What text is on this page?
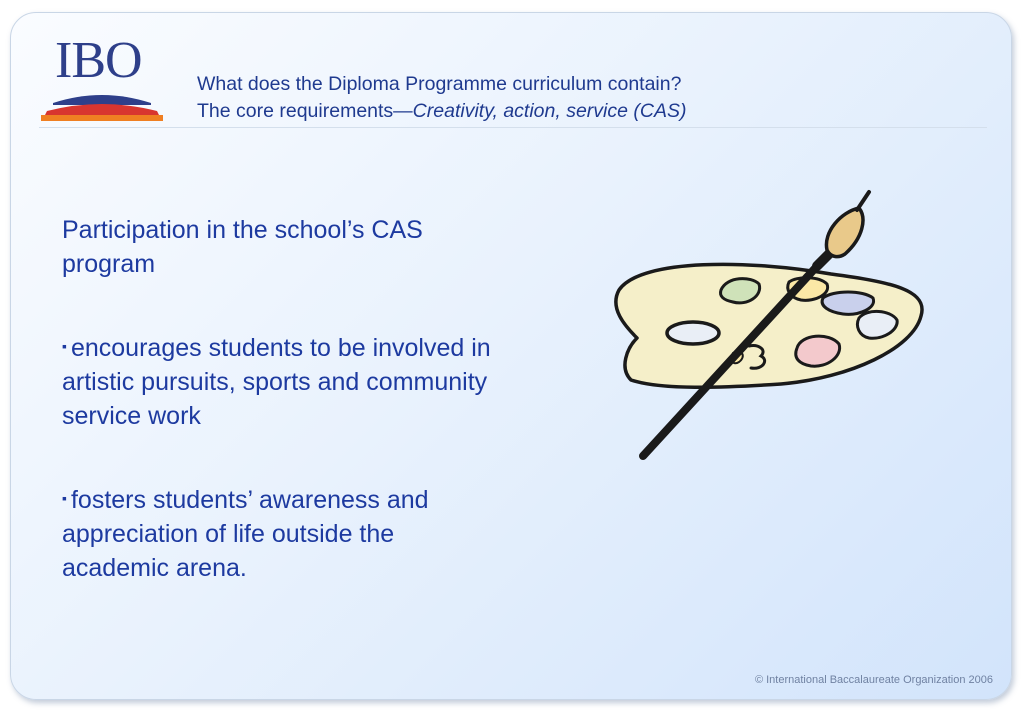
IBO	What does the Diploma Programme curriculum contain?
The core requirements—Creativity, action, service (CAS)

Participation in the school’s CAS program

▪ encourages students to be involved in artistic pursuits, sports and community service work

▪ fosters students’ awareness and appreciation of life outside the academic arena.

© International Baccalaureate Organization 2006
